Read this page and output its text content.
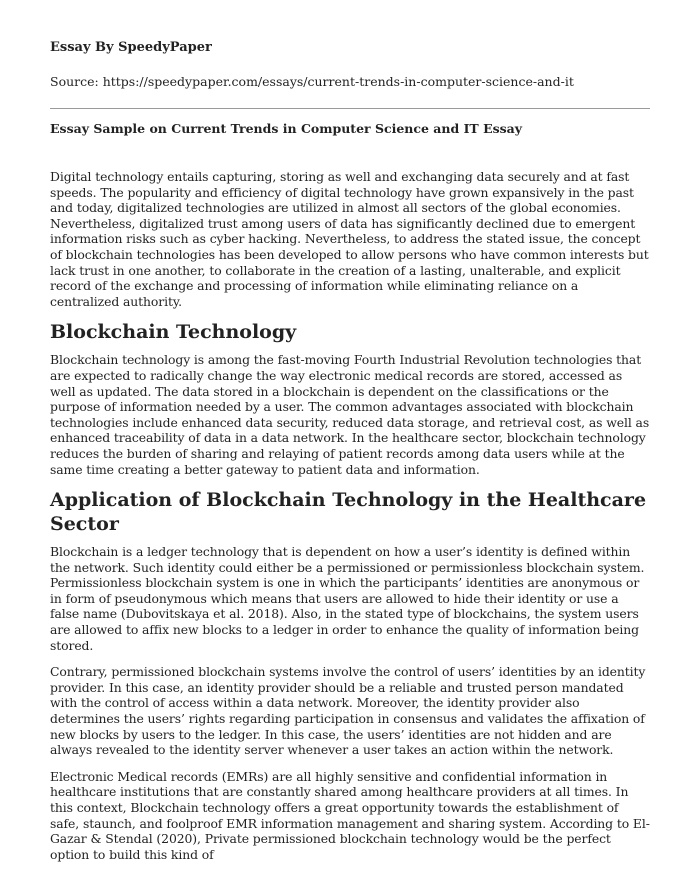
Essay By SpeedyPaper

Source: https://speedypaper.com/essays/current-trends-in-computer-science-and-it

Essay Sample on Current Trends in Computer Science and IT Essay

Digital technology entails capturing, storing as well and exchanging data securely and at fast speeds. The popularity and efficiency of digital technology have grown expansively in the past and today, digitalized technologies are utilized in almost all sectors of the global economies. Nevertheless, digitalized trust among users of data has significantly declined due to emergent information risks such as cyber hacking. Nevertheless, to address the stated issue, the concept of blockchain technologies has been developed to allow persons who have common interests but lack trust in one another, to collaborate in the creation of a lasting, unalterable, and explicit record of the exchange and processing of information while eliminating reliance on a centralized authority.

Blockchain Technology

Blockchain technology is among the fast-moving Fourth Industrial Revolution technologies that are expected to radically change the way electronic medical records are stored, accessed as well as updated. The data stored in a blockchain is dependent on the classifications or the purpose of information needed by a user. The common advantages associated with blockchain technologies include enhanced data security, reduced data storage, and retrieval cost, as well as enhanced traceability of data in a data network. In the healthcare sector, blockchain technology reduces the burden of sharing and relaying of patient records among data users while at the same time creating a better gateway to patient data and information.

Application of Blockchain Technology in the Healthcare Sector

Blockchain is a ledger technology that is dependent on how a user’s identity is defined within the network. Such identity could either be a permissioned or permissionless blockchain system. Permissionless blockchain system is one in which the participants’ identities are anonymous or in form of pseudonymous which means that users are allowed to hide their identity or use a false name (Dubovitskaya et al. 2018). Also, in the stated type of blockchains, the system users are allowed to affix new blocks to a ledger in order to enhance the quality of information being stored.

Contrary, permissioned blockchain systems involve the control of users’ identities by an identity provider. In this case, an identity provider should be a reliable and trusted person mandated with the control of access within a data network. Moreover, the identity provider also determines the users’ rights regarding participation in consensus and validates the affixation of new blocks by users to the ledger. In this case, the users’ identities are not hidden and are always revealed to the identity server whenever a user takes an action within the network.

Electronic Medical records (EMRs) are all highly sensitive and confidential information in healthcare institutions that are constantly shared among healthcare providers at all times. In this context, Blockchain technology offers a great opportunity towards the establishment of safe, staunch, and foolproof EMR information management and sharing system. According to El-Gazar & Stendal (2020), Private permissioned blockchain technology would be the perfect option to build this kind of
